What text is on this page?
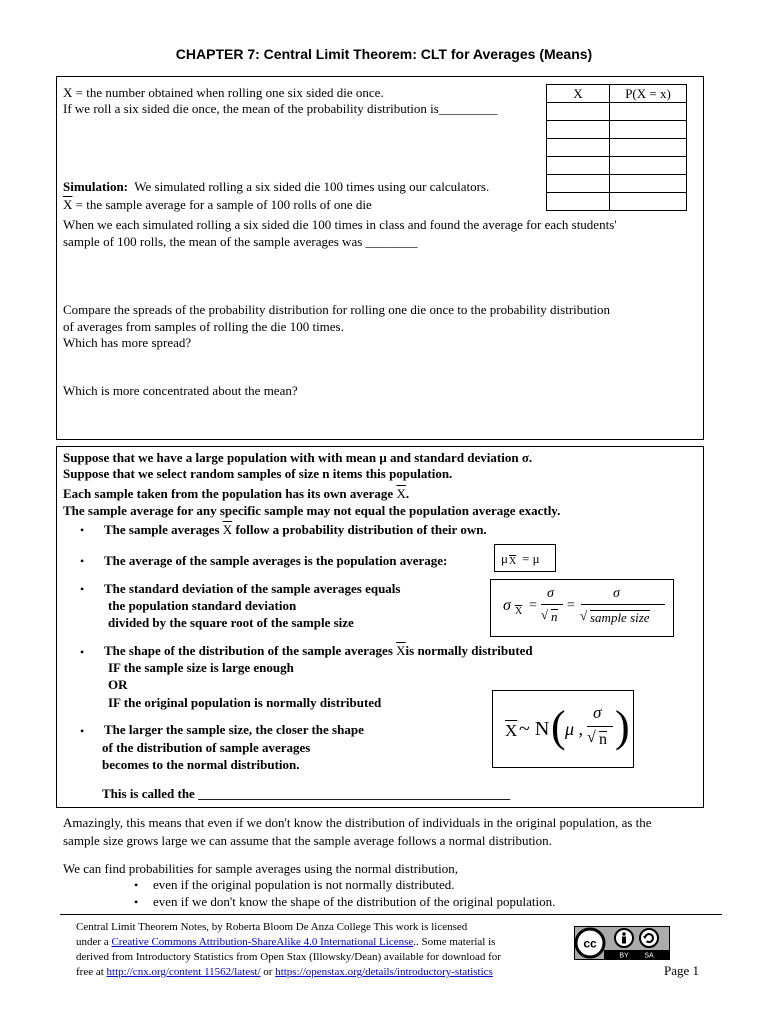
CHAPTER 7: Central Limit Theorem: CLT for Averages (Means)
X = the number obtained when rolling one six sided die once.
If we roll a six sided die once, the mean of the probability distribution is_________
X	P(X = x)

Simulation: We simulated rolling a six sided die 100 times using our calculators.
$\overline{X}$ = the sample average for a sample of 100 rolls of one die
When we each simulated rolling a six sided die 100 times in class and found the average for each students'
sample of 100 rolls, the mean of the sample averages was ________
Compare the spreads of the probability distribution for rolling one die once to the probability distribution
of averages from samples of rolling the die 100 times.
Which has more spread?
Which is more concentrated about the mean?
Suppose that we have a large population with with mean μ and standard deviation σ.
Suppose that we select random samples of size n items this population.
Each sample taken from the population has its own average $\overline{X}$.
The sample average for any specific sample may not equal the population average exactly.
• The sample averages $\overline{X}$ follow a probability distribution of their own.
• The average of the sample averages is the population average:	μ $\overline{X} = \mu$
• The standard deviation of the sample averages equals
the population standard deviation
divided by the square root of the sample size
σ $\overline{X}$ =
σ
√ n
=
σ
√ sample size
• The shape of the distribution of the sample averages $\overline{X}is$ normally distributed
IF the sample size is large enough
OR
IF the original population is normally distributed
• The larger the sample size, the closer the shape
of the distribution of sample averages
becomes to the normal distribution.
$\overline{X}$ ~ N ( μ ,
σ
√ n )
This is called the ________________________________________________
Amazingly, this means that even if we don't know the distribution of individuals in the original population, as the
sample size grows large we can assume that the sample average follows a normal distribution.
We can find probabilities for sample averages using the normal distribution,
• even if the original population is not normally distributed.
• even if we don't know the shape of the distribution of the original population.
Central Limit Theorem Notes, by Roberta Bloom De Anza College This work is licensed
under a Creative Commons Attribution-ShareAlike 4.0 International License.. Some material is
derived from Introductory Statistics from Open Stax (Illowsky/Dean) available for download for
free at http://cnx.org/content 11562/latest/ or https://openstax.org/details/introductory-statistics
cc
BY SA
Page 1
